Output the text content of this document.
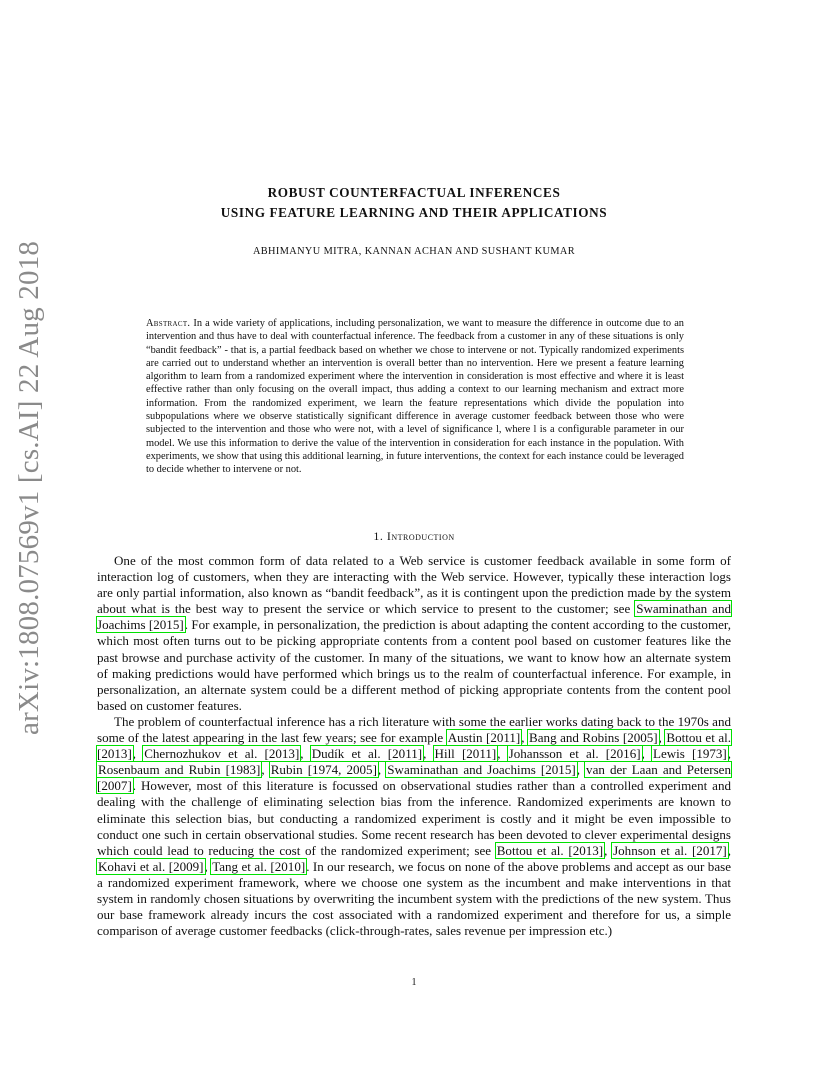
arXiv:1808.07569v1 [cs.AI] 22 Aug 2018
ROBUST COUNTERFACTUAL INFERENCES
USING FEATURE LEARNING AND THEIR APPLICATIONS
ABHIMANYU MITRA, KANNAN ACHAN AND SUSHANT KUMAR
Abstract. In a wide variety of applications, including personalization, we want to measure the difference in outcome due to an intervention and thus have to deal with counterfactual inference. The feedback from a customer in any of these situations is only “bandit feedback” - that is, a partial feedback based on whether we chose to intervene or not. Typically randomized experiments are carried out to understand whether an intervention is overall better than no intervention. Here we present a feature learning algorithm to learn from a randomized experiment where the intervention in consideration is most effective and where it is least effective rather than only focusing on the overall impact, thus adding a context to our learning mechanism and extract more information. From the randomized experiment, we learn the feature representations which divide the population into subpopulations where we observe statistically significant difference in average customer feedback between those who were subjected to the intervention and those who were not, with a level of significance l, where l is a configurable parameter in our model. We use this information to derive the value of the intervention in consideration for each instance in the population. With experiments, we show that using this additional learning, in future interventions, the context for each instance could be leveraged to decide whether to intervene or not.
1. Introduction

One of the most common form of data related to a Web service is customer feedback available in some form of interaction log of customers, when they are interacting with the Web service. However, typically these interaction logs are only partial information, also known as “bandit feedback”, as it is contingent upon the prediction made by the system about what is the best way to present the service or which service to present to the customer; see Swaminathan and Joachims [2015]. For example, in personalization, the prediction is about adapting the content according to the customer, which most often turns out to be picking appropriate contents from a content pool based on customer features like the past browse and purchase activity of the customer. In many of the situations, we want to know how an alternate system of making predictions would have performed which brings us to the realm of counterfactual inference. For example, in personalization, an alternate system could be a different method of picking appropriate contents from the content pool based on customer features.

The problem of counterfactual inference has a rich literature with some the earlier works dating back to the 1970s and some of the latest appearing in the last few years; see for example Austin [2011], Bang and Robins [2005], Bottou et al. [2013], Chernozhukov et al. [2013], Dudík et al. [2011], Hill [2011], Johansson et al. [2016], Lewis [1973], Rosenbaum and Rubin [1983], Rubin [1974, 2005], Swaminathan and Joachims [2015], van der Laan and Petersen [2007]. However, most of this literature is focussed on observational studies rather than a controlled experiment and dealing with the challenge of eliminating selection bias from the inference. Randomized experiments are known to eliminate this selection bias, but conducting a randomized experiment is costly and it might be even impossible to conduct one such in certain observational studies. Some recent research has been devoted to clever experimental designs which could lead to reducing the cost of the randomized experiment; see Bottou et al. [2013], Johnson et al. [2017], Kohavi et al. [2009], Tang et al. [2010]. In our research, we focus on none of the above problems and accept as our base a randomized experiment framework, where we choose one system as the incumbent and make interventions in that system in randomly chosen situations by overwriting the incumbent system with the predictions of the new system. Thus our base framework already incurs the cost associated with a randomized experiment and therefore for us, a simple comparison of average customer feedbacks (click-through-rates, sales revenue per impression etc.)

1
